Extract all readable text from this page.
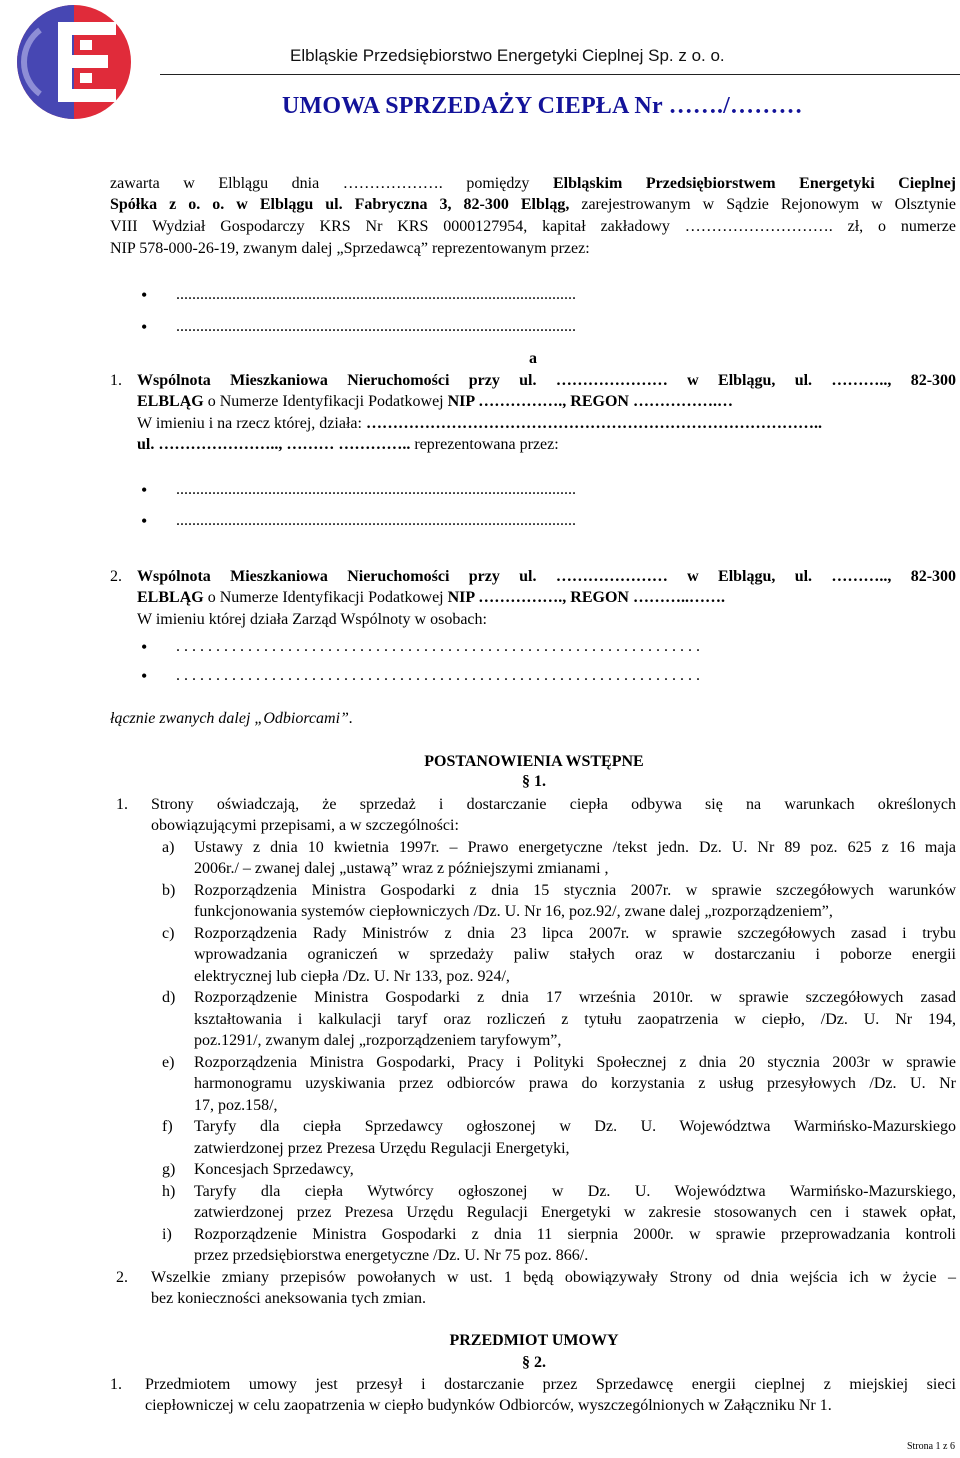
Elbląskie Przedsiębiorstwo Energetyki Cieplnej Sp. z o. o.
UMOWA SPRZEDAŻY CIEPŁA Nr ……./………
zawarta w Elblągu dnia ………………. pomiędzy Elbląskim Przedsiębiorstwem Energetyki Cieplnej
Spółka z o. o. w Elblągu ul. Fabryczna 3, 82-300 Elbląg, zarejestrowanym w Sądzie Rejonowym w Olsztynie
VIII Wydział Gospodarczy KRS Nr KRS 0000127954, kapitał zakładowy ………………………. zł, o numerze
NIP 578-000-26-19, zwanym dalej „Sprzedawcą” reprezentowanym przez:
• ....................................................................................................
• ....................................................................................................
a
1. Wspólnota Mieszkaniowa Nieruchomości przy ul. ………………… w Elblągu, ul. ……….., 82-300
ELBLĄG o Numerze Identyfikacji Podatkowej NIP ……………., REGON …………….…
W imieniu i na rzecz której, działa: …………………………………………………………………………..
ul. ………………….., ……… ………….. reprezentowana przez:
• ....................................................................................................
• ....................................................................................................
2. Wspólnota Mieszkaniowa Nieruchomości przy ul. ………………… w Elblągu, ul. ……….., 82-300
ELBLĄG o Numerze Identyfikacji Podatkowej NIP ……………., REGON ………..…….
W imieniu której działa Zarząd Wspólnoty w osobach:
• . . . . . . . . . . . . . . . . . . . . . . . . . . . . . . . . . . . . . . . . . . . . . . . . . . . . . . . . . . . . . . . . . .
• . . . . . . . . . . . . . . . . . . . . . . . . . . . . . . . . . . . . . . . . . . . . . . . . . . . . . . . . . . . . . . . . . .
łącznie zwanych dalej „Odbiorcami”.
POSTANOWIENIA WSTĘPNE
§ 1.
1. Strony oświadczają, że sprzedaż i dostarczanie ciepła odbywa się na warunkach określonych
obowiązującymi przepisami, a w szczególności:
a) Ustawy z dnia 10 kwietnia 1997r. – Prawo energetyczne /tekst jedn. Dz. U. Nr 89 poz. 625 z 16 maja
2006r./ – zwanej dalej „ustawą” wraz z późniejszymi zmianami ,
b) Rozporządzenia Ministra Gospodarki z dnia 15 stycznia 2007r. w sprawie szczegółowych warunków
funkcjonowania systemów ciepłowniczych /Dz. U. Nr 16, poz.92/, zwane dalej „rozporządzeniem”,
c) Rozporządzenia Rady Ministrów z dnia 23 lipca 2007r. w sprawie szczegółowych zasad i trybu
wprowadzania ograniczeń w sprzedaży paliw stałych oraz w dostarczaniu i poborze energii
elektrycznej lub ciepła /Dz. U. Nr 133, poz. 924/,
d) Rozporządzenie Ministra Gospodarki z dnia 17 września 2010r. w sprawie szczegółowych zasad
kształtowania i kalkulacji taryf oraz rozliczeń z tytułu zaopatrzenia w ciepło, /Dz. U. Nr 194,
poz.1291/, zwanym dalej „rozporządzeniem taryfowym”,
e) Rozporządzenia Ministra Gospodarki, Pracy i Polityki Społecznej z dnia 20 stycznia 2003r w sprawie
harmonogramu uzyskiwania przez odbiorców prawa do korzystania z usług przesyłowych /Dz. U. Nr
17, poz.158/,
f) Taryfy dla ciepła Sprzedawcy ogłoszonej w Dz. U. Województwa Warmińsko-Mazurskiego
zatwierdzonej przez Prezesa Urzędu Regulacji Energetyki,
g) Koncesjach Sprzedawcy,
h) Taryfy dla ciepła Wytwórcy ogłoszonej w Dz. U. Województwa Warmińsko-Mazurskiego,
zatwierdzonej przez Prezesa Urzędu Regulacji Energetyki w zakresie stosowanych cen i stawek opłat,
i) Rozporządzenie Ministra Gospodarki z dnia 11 sierpnia 2000r. w sprawie przeprowadzania kontroli
przez przedsiębiorstwa energetyczne /Dz. U. Nr 75 poz. 866/.
2. Wszelkie zmiany przepisów powołanych w ust. 1 będą obowiązywały Strony od dnia wejścia ich w życie –
bez konieczności aneksowania tych zmian.
PRZEDMIOT UMOWY
§ 2.
1. Przedmiotem umowy jest przesył i dostarczanie przez Sprzedawcę energii cieplnej z miejskiej sieci
ciepłowniczej w celu zaopatrzenia w ciepło budynków Odbiorców, wyszczególnionych w Załączniku Nr 1.
Strona 1 z 6
